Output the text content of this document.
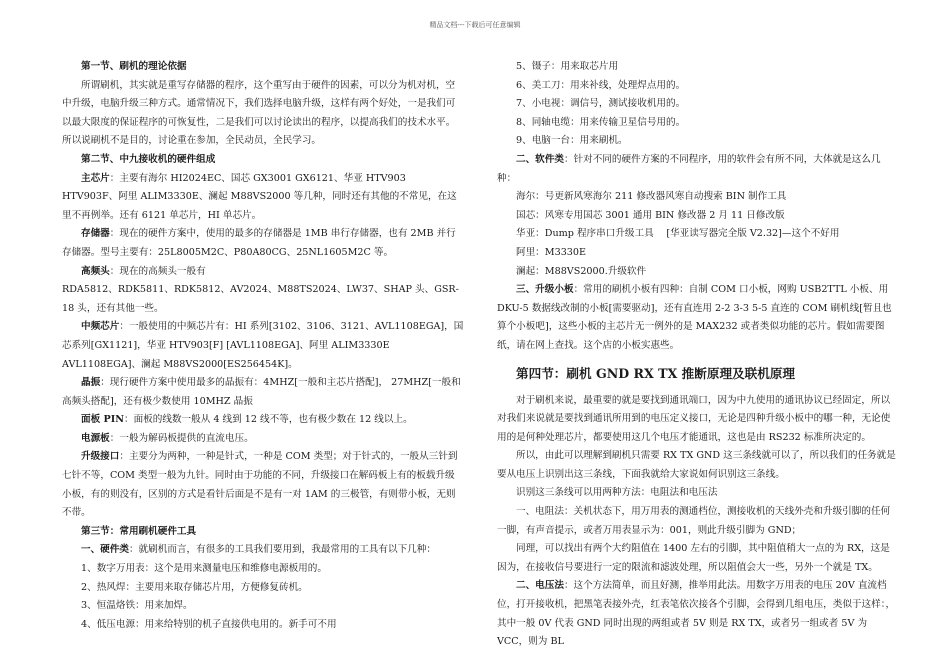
精品文档---下载后可任意编辑

第一节、刷机的理论依据

所谓刷机，其实就是重写存储器的程序，这个重写由于硬件的因素，可以分为机对机，空中升级，电脑升级三种方式。通常情况下，我们选择电脑升级，这样有两个好处，一是我们可以最大限度的保证程序的可恢复性，二是我们可以讨论读出的程序，以提高我们的技术水平。所以说刷机不是目的，讨论重在参加，全民动员，全民学习。

第二节、中九接收机的硬件组成

主芯片：主要有海尔 HI2024EC、国芯 GX3001 GX6121、华亚 HTV903 HTV903F、阿里 ALIM3330E、澜起 M88VS2000 等几种，同时还有其他的不常见，在这里不再例举。还有 6121 单芯片，HI 单芯片。

存储器：现在的硬件方案中，使用的最多的存储器是 1MB 串行存储器，也有 2MB 并行存储器。型号主要有：25L8005M2C、P80A80CG、25NL1605M2C 等。

高频头：现在的高频头一般有

RDA5812、RDK5811、RDK5812、AV2024、M88TS2024、LW37、SHAP 头、GSR-18 头，还有其他一些。

中频芯片：一般使用的中频芯片有：HI 系列[3102、3106、3121、AVL1108EGA]，国芯系列[GX1121]，华亚 HTV903[F] [AVL1108EGA]、阿里 ALIM3330E AVL1108EGA]、澜起 M88VS2000[ES256454K]。

晶振：现行硬件方案中使用最多的晶振有：4MHZ[一般和主芯片搭配]， 27MHZ[一般和高频头搭配]，还有极少数使用 10MHZ 晶振

面板 PIN：面板的线数一般从 4 线到 12 线不等，也有极少数在 12 线以上。

电源板：一般为解码板提供的直流电压。

升级接口：主要分为两种，一种是针式，一种是 COM 类型；对于针式的，一般从三针到七针不等，COM 类型一般为九针。同时由于功能的不同，升级接口在解码板上有的板载升级小板，有的则没有，区别的方式是看针后面是不是有一对 1AM 的三极管，有则带小板，无则不带。

第三节：常用刷机硬件工具

一、硬件类：就刷机而言，有很多的工具我们要用到，我最常用的工具有以下几种：

1、数字万用表：这个是用来测量电压和维修电源板用的。

2、热风焊：主要用来取存储芯片用，方便修复砖机。

3、恒温烙铁：用来加焊。

4、低压电源：用来给特别的机子直接供电用的。新手可不用

5、镊子：用来取芯片用

6、美工刀：用来补线，处理焊点用的。

7、小电视：调信号，测试接收机用的。

8、同轴电缆：用来传输卫星信号用的。

9、电脑一台：用来刷机。

二、软件类：针对不同的硬件方案的不同程序，用的软件会有所不同，大体就是这么几种：

海尔：号更新风寒海尔 211 修改器风寒自动搜索 BIN 制作工具

国芯：风寒专用国芯 3001 通用 BIN 修改器 2 月 11 日修改版

华亚：Dump 程序串口升级工具　 [华亚读写器完全版 V2.32]—这个不好用

阿里：M3330E

澜起：M88VS2000.升级软件

三、升级小板：常用的刷机小板有四种：自制 COM 口小板，网购 USB2TTL 小板、用 DKU-5 数据线改制的小板[需要驱动]，还有直连用 2-2 3-3 5-5 直连的 COM 刷机线[暂且也算个小板吧]，这些小板的主芯片无一例外的是 MAX232 或者类似功能的芯片。假如需要图纸，请在网上查找。这个店的小板实惠些。

第四节：刷机 GND RX TX 推断原理及联机原理

对于刷机来说，最重要的就是要找到通讯端口，因为中九使用的通讯协议已经固定，所以对我们来说就是要找到通讯所用到的电压定义接口，无论是四种升级小板中的哪一种，无论使用的是何种处理芯片，都要使用这几个电压才能通讯，这也是由 RS232 标准所决定的。

所以，由此可以理解到刷机只需要 RX TX GND 这三条线就可以了，所以我们的任务就是要从电压上识别出这三条线，下面我就给大家说如何识别这三条线。

识别这三条线可以用两种方法：电阻法和电压法

一、电阻法：关机状态下，用万用表的测通档位，测接收机的天线外壳和升级引脚的任何一脚，有声音提示，或者万用表显示为：001，则此升级引脚为 GND；

同理，可以找出有两个大约阻值在 1400 左右的引脚，其中阻值稍大一点的为 RX，这是因为，在接收信号要进行一定的限流和滤波处理，所以阻值会大一些，另外一个就是 TX。

二、电压法：这个方法简单，而且好测，推举用此法。用数字万用表的电压 20V 直流档位，打开接收机，把黑笔表接外壳，红表笔依次接各个引脚，会得到几组电压，类似于这样：，其中一般 0V 代表 GND 同时出现的两组或者 5V 则是 RX TX，或者另一组或者 5V 为 VCC，则为 BL
